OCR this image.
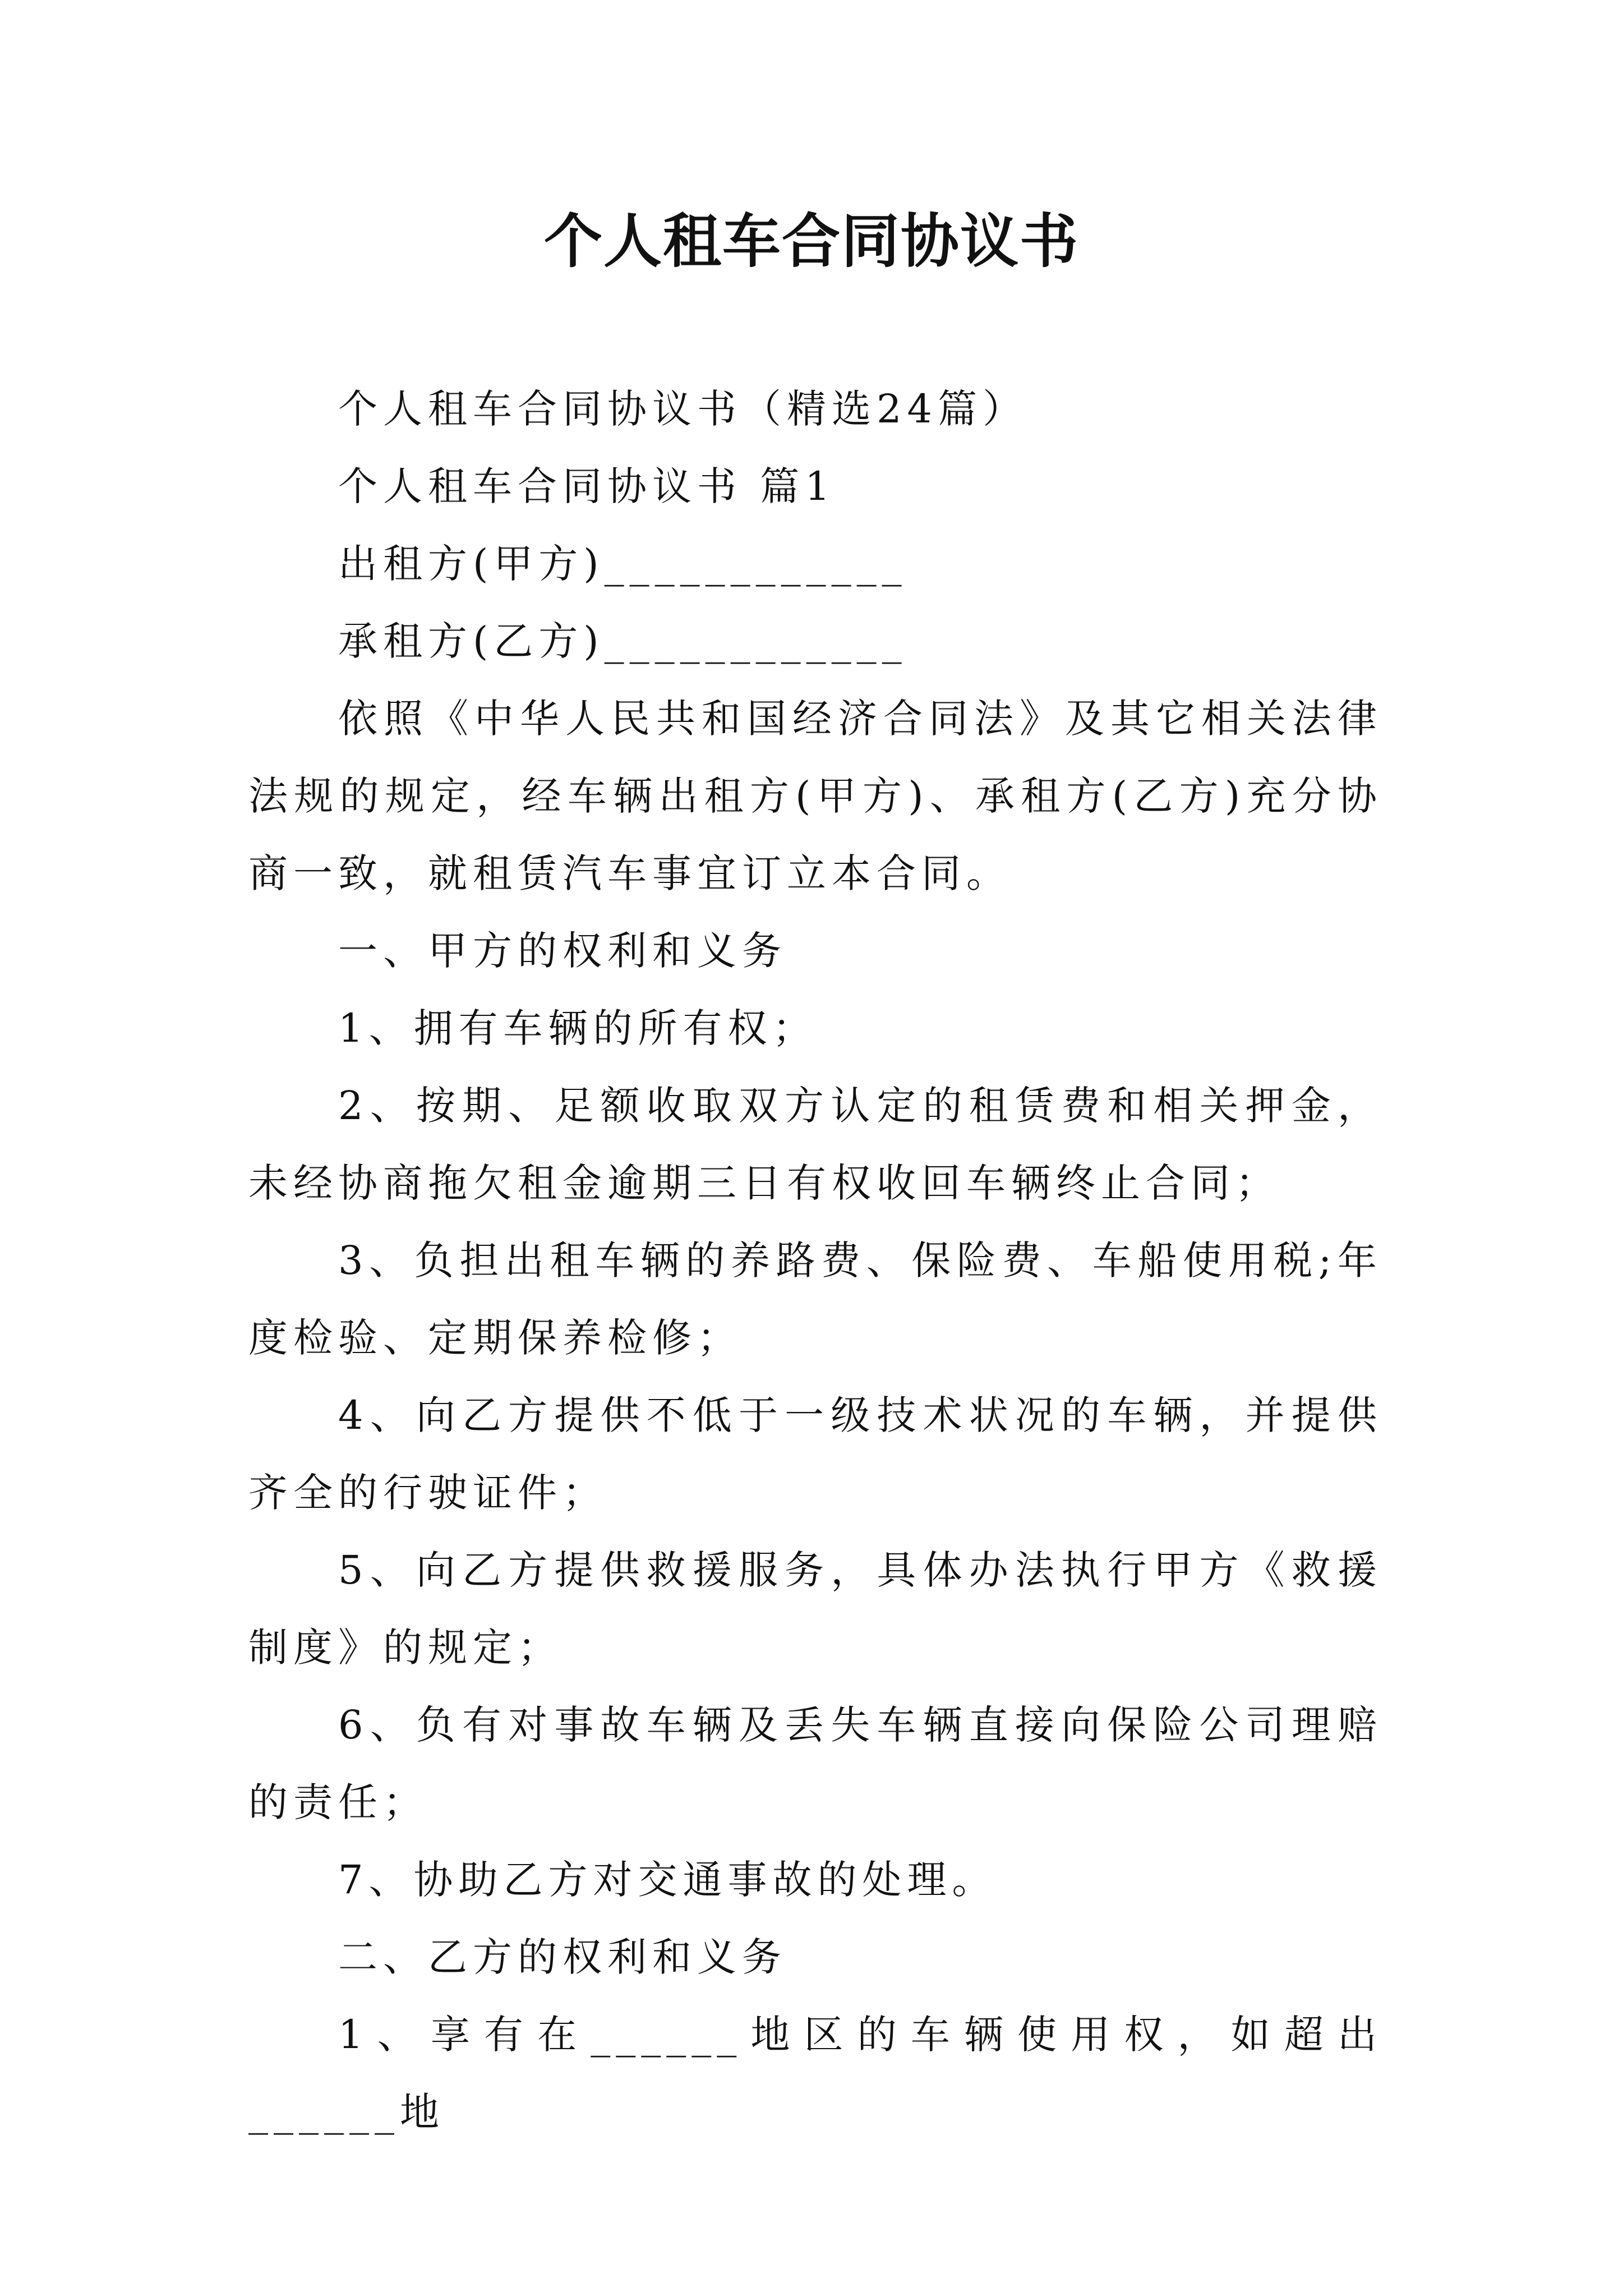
个人租车合同协议书

个人租车合同协议书（精选24篇）

个人租车合同协议书 篇1

出租方(甲方)____________

承租方(乙方)____________

依照《中华人民共和国经济合同法》及其它相关法律法规的规定，经车辆出租方(甲方)、承租方(乙方)充分协商一致，就租赁汽车事宜订立本合同。

一、甲方的权利和义务

1、拥有车辆的所有权；

2、按期、足额收取双方认定的租赁费和相关押金，未经协商拖欠租金逾期三日有权收回车辆终止合同；

3、负担出租车辆的养路费、保险费、车船使用税;年度检验、定期保养检修；

4、向乙方提供不低于一级技术状况的车辆，并提供齐全的行驶证件；

5、向乙方提供救援服务，具体办法执行甲方《救援制度》的规定；

6、负有对事故车辆及丢失车辆直接向保险公司理赔的责任；

7、协助乙方对交通事故的处理。

二、乙方的权利和义务

1、享有在______地区的车辆使用权，如超出______地
